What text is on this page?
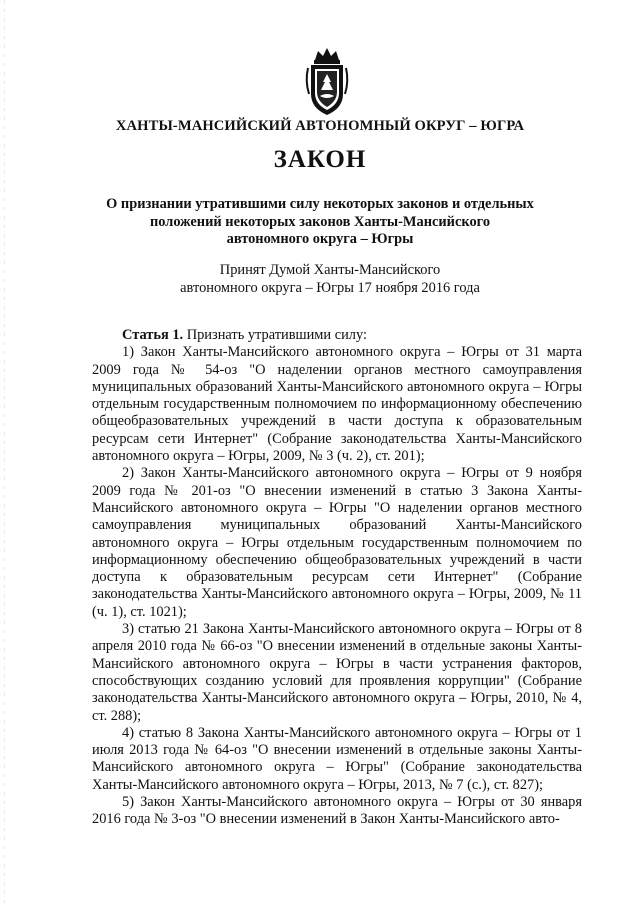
ХАНТЫ-МАНСИЙСКИЙ АВТОНОМНЫЙ ОКРУГ – ЮГРА
ЗАКОН
О признании утратившими силу некоторых законов и отдельных
положений некоторых законов Ханты-Мансийского
автономного округа – Югры
Принят Думой Ханты-Мансийского
автономного округа – Югры 17 ноября 2016 года

Статья 1. Признать утратившими силу:

1) Закон Ханты-Мансийского автономного округа – Югры от 31 марта 2009 года № 54-оз "О наделении органов местного самоуправления муниципальных образований Ханты-Мансийского автономного округа – Югры отдельным государственным полномочием по информационному обеспечению общеобразовательных учреждений в части доступа к образовательным ресурсам сети Интернет" (Собрание законодательства Ханты-Мансийского автономного округа – Югры, 2009, № 3 (ч. 2), ст. 201);

2) Закон Ханты-Мансийского автономного округа – Югры от 9 ноября 2009 года № 201-оз "О внесении изменений в статью 3 Закона Ханты-Мансийского автономного округа – Югры "О наделении органов местного самоуправления муниципальных образований Ханты-Мансийского автономного округа – Югры отдельным государственным полномочием по информационному обеспечению общеобразовательных учреждений в части доступа к образовательным ресурсам сети Интернет" (Собрание законодательства Ханты-Мансийского автономного округа – Югры, 2009, № 11 (ч. 1), ст. 1021);

3) статью 21 Закона Ханты-Мансийского автономного округа – Югры от 8 апреля 2010 года № 66-оз "О внесении изменений в отдельные законы Ханты-Мансийского автономного округа – Югры в части устранения факторов, способствующих созданию условий для проявления коррупции" (Собрание законодательства Ханты-Мансийского автономного округа – Югры, 2010, № 4, ст. 288);

4) статью 8 Закона Ханты-Мансийского автономного округа – Югры от 1 июля 2013 года № 64-оз "О внесении изменений в отдельные законы Ханты-Мансийского автономного округа – Югры" (Собрание законодательства Ханты-Мансийского автономного округа – Югры, 2013, № 7 (с.), ст. 827);

5) Закон Ханты-Мансийского автономного округа – Югры от 30 января 2016 года № 3-оз "О внесении изменений в Закон Ханты-Мансийского авто-
